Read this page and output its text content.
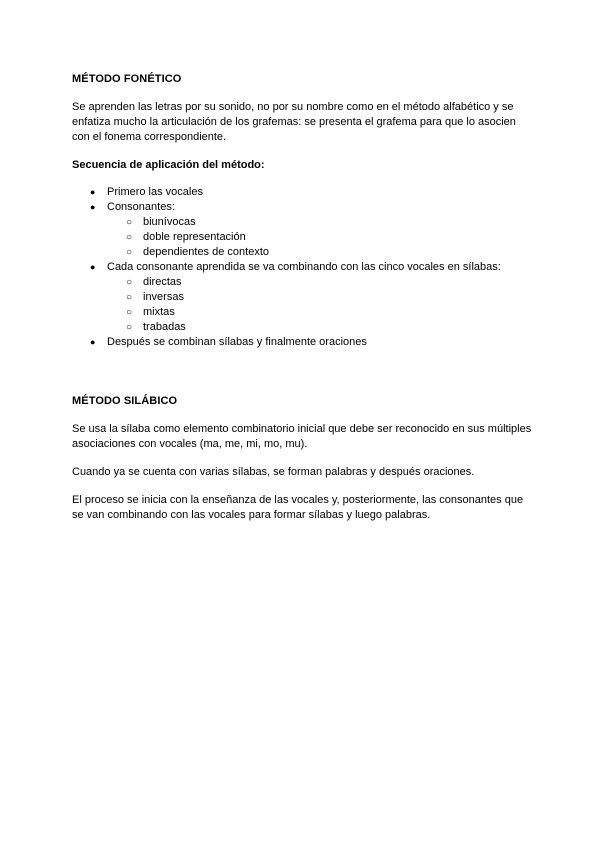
MÉTODO FONÉTICO
Se aprenden las letras por su sonido, no por su nombre como en el método alfabético y se enfatiza mucho la articulación de los grafemas: se presenta el grafema para que lo asocien con el fonema correspondiente.
Secuencia de aplicación del método:
● Primero las vocales
● Consonantes:
○ biunívocas
○ doble representación
○ dependientes de contexto
● Cada consonante aprendida se va combinando con las cinco vocales en sílabas:
○ directas
○ inversas
○ mixtas
○ trabadas
● Después se combinan sílabas y finalmente oraciones
MÉTODO SILÁBICO
Se usa la sílaba como elemento combinatorio inicial que debe ser reconocido en sus múltiples asociaciones con vocales (ma, me, mi, mo, mu).
Cuando ya se cuenta con varias sílabas, se forman palabras y después oraciones.
El proceso se inicia con la enseñanza de las vocales y, posteriormente, las consonantes que se van combinando con las vocales para formar sílabas y luego palabras.
